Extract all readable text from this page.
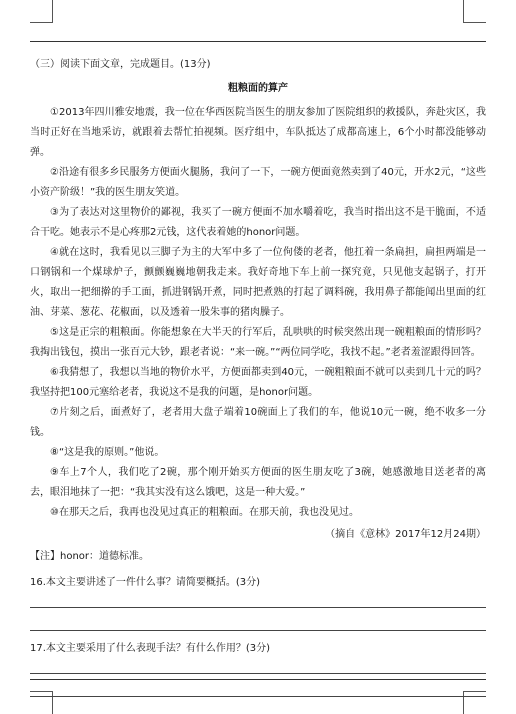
（三）阅读下面文章，完成题目。(13分)

粗粮面的算产

①2013年四川雅安地震，我一位在华西医院当医生的朋友参加了医院组织的救援队，奔赴灾区，我当时正好在当地采访，就跟着去帮忙拍视频。医疗组中，车队抵达了成都高速上，6个小时都没能够动弹。

②沿途有很多乡民服务方便面火腿肠，我问了一下，一碗方便面竟然卖到了40元，开水2元，“这些小资产阶级！”我的医生朋友笑道。

③为了表达对这里物价的鄙视，我买了一碗方便面不加水嚼着吃，我当时指出这不是干脆面，不适合干吃。她表示不是心疼那2元钱，这代表着她的honor问题。

④就在这时，我看见以三脚子为主的大军中多了一位佝偻的老者，他扛着一条扁担，扁担两端是一口钢锅和一个煤球炉子，颤颤巍巍地朝我走来。我好奇地下车上前一探究竟，只见他支起锅子，打开火，取出一把细擀的手工面，抓进钢锅开煮，同时把煮熟的打起了调料碗，我用鼻子都能闻出里面的红油、芽菜、葱花、花椒面，以及透着一股朱事的猪肉臊子。

⑤这是正宗的粗粮面。你能想象在大半天的行军后，乱哄哄的时候突然出现一碗粗粮面的情形吗？我掏出钱包，摸出一张百元大钞，跟老者说：“来一碗。”“两位同学吃，我找不起。”老者羞涩跟得回答。

⑥我猜想了，我想以当地的物价水平，方便面都卖到40元，一碗粗粮面不就可以卖到几十元的吗？我坚持把100元塞给老者，我说这不是我的问题，是honor问题。

⑦片刻之后，面煮好了，老者用大盘子端着10碗面上了我们的车，他说10元一碗，绝不收多一分钱。

⑧“这是我的原则。”他说。

⑨车上7个人，我们吃了2碗，那个刚开始买方便面的医生朋友吃了3碗，她感激地目送老者的离去，眼泪地抹了一把：“我其实没有这么饿吧，这是一种大爱。”

⑩在那天之后，我再也没见过真正的粗粮面。在那天前，我也没见过。

（摘自《意林》2017年12月24期）

【注】honor：道德标准。

16.本文主要讲述了一件什么事？请简要概括。(3分)

17.本文主要采用了什么表现手法？有什么作用？(3分)
